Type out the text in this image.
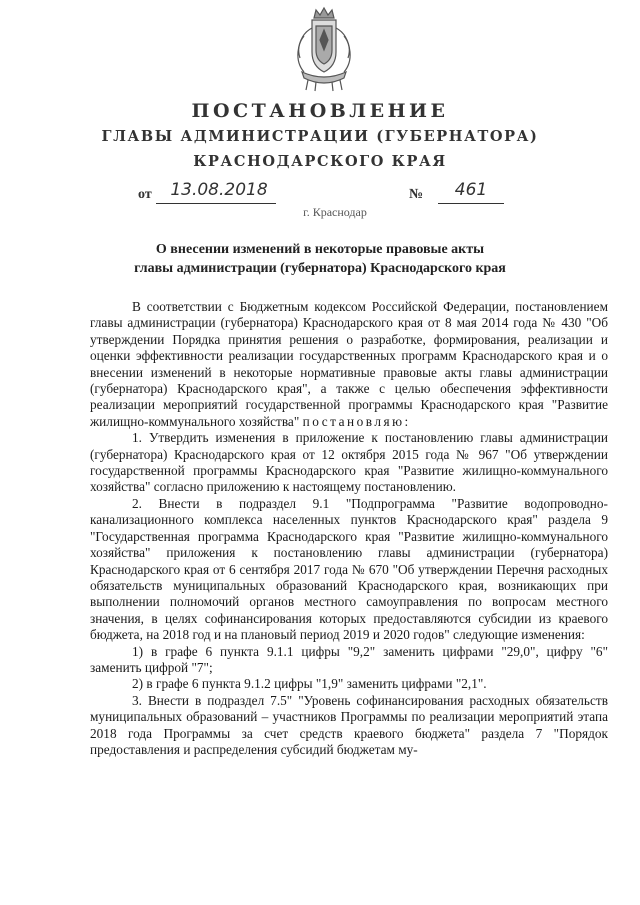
ПОСТАНОВЛЕНИЕ
ГЛАВЫ АДМИНИСТРАЦИИ (ГУБЕРНАТОРА)
КРАСНОДАРСКОГО КРАЯ
от	13.08.2018	№	461
г. Краснодар
О внесении изменений в некоторые правовые акты
главы администрации (губернатора) Краснодарского края

В соответствии с Бюджетным кодексом Российской Федерации, постановлением главы администрации (губернатора) Краснодарского края от 8 мая 2014 года № 430 "Об утверждении Порядка принятия решения о разработке, формирования, реализации и оценки эффективности реализации государственных программ Краснодарского края и о внесении изменений в некоторые нормативные правовые акты главы администрации (губернатора) Краснодарского края", а также с целью обеспечения эффективности реализации мероприятий государственной программы Краснодарского края "Развитие жилищно-коммунального хозяйства" постановляю:

1. Утвердить изменения в приложение к постановлению главы администрации (губернатора) Краснодарского края от 12 октября 2015 года № 967 "Об утверждении государственной программы Краснодарского края "Развитие жилищно-коммунального хозяйства" согласно приложению к настоящему постановлению.

2. Внести в подраздел 9.1 "Подпрограмма "Развитие водопроводно-канализационного комплекса населенных пунктов Краснодарского края" раздела 9 "Государственная программа Краснодарского края "Развитие жилищно-коммунального хозяйства" приложения к постановлению главы администрации (губернатора) Краснодарского края от 6 сентября 2017 года № 670 "Об утверждении Перечня расходных обязательств муниципальных образований Краснодарского края, возникающих при выполнении полномочий органов местного самоуправления по вопросам местного значения, в целях софинансирования которых предоставляются субсидии из краевого бюджета, на 2018 год и на плановый период 2019 и 2020 годов" следующие изменения:

1) в графе 6 пункта 9.1.1 цифры "9,2" заменить цифрами "29,0", цифру "6" заменить цифрой "7";

2) в графе 6 пункта 9.1.2 цифры "1,9" заменить цифрами "2,1".

3. Внести в подраздел 7.5" "Уровень софинансирования расходных обязательств муниципальных образований – участников Программы по реализации мероприятий этапа 2018 года Программы за счет средств краевого бюджета" раздела 7 "Порядок предоставления и распределения субсидий бюджетам му-
